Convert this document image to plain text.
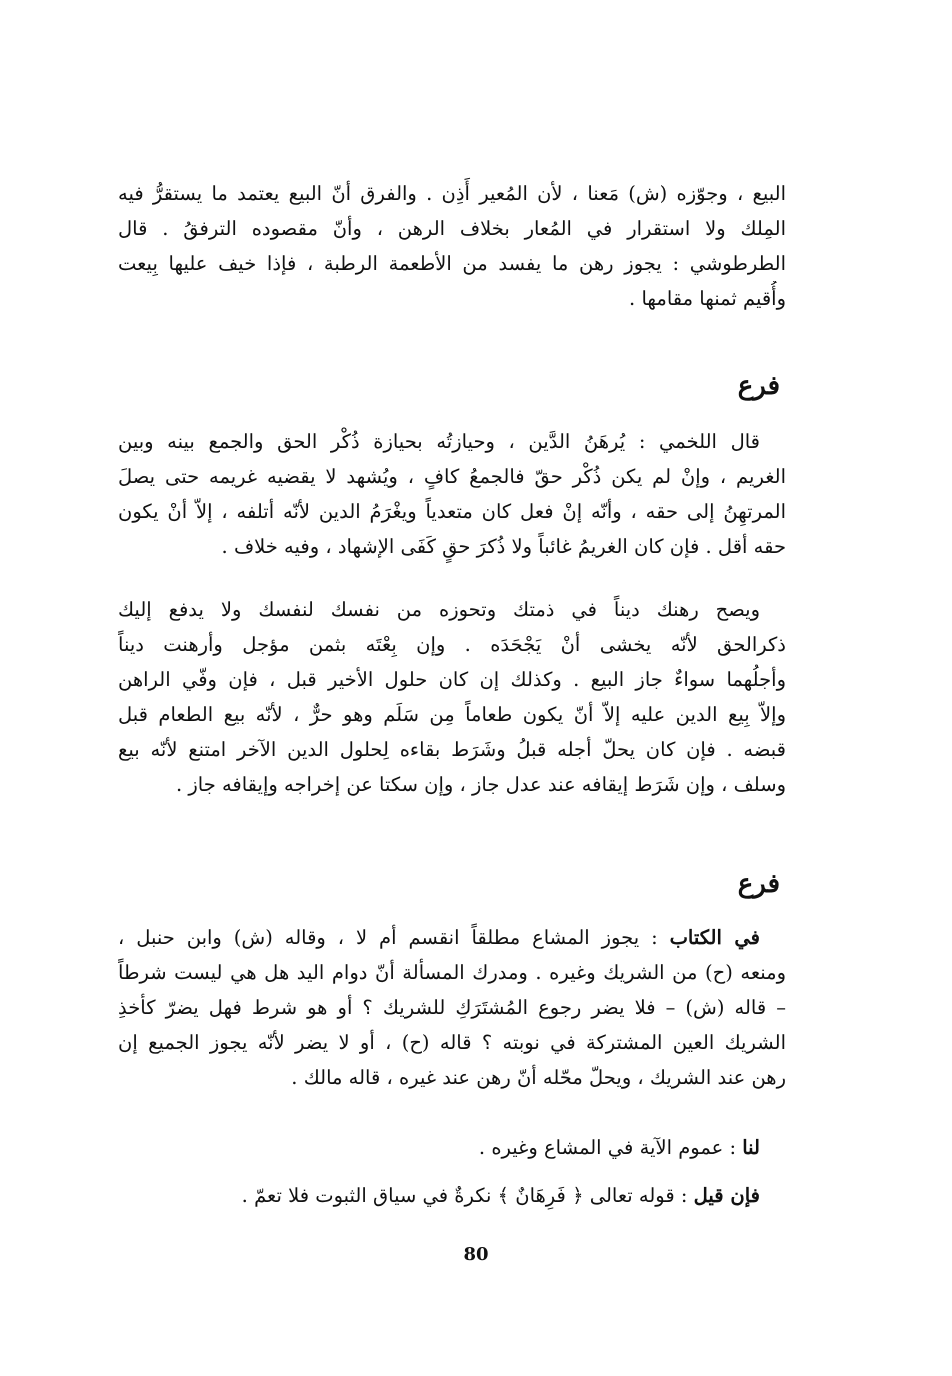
البيع ، وجوّزه (ش) مَعنا ، لأن المُعير أَذِن . والفرق أنّ البيع يعتمد ما يستقرُّ فيه
المِلك ولا استقرار في المُعار بخلاف الرهن ، وأنّ مقصوده الترفقُ . قال
الطرطوشي : يجوز رهن ما يفسد من الأطعمة الرطبة ، فإذا خيف عليها بِيعت
وأُقيم ثمنها مقامها .
فرع
قال اللخمي : يُرهَنُ الدَّين ، وحيازتُه بحيازة ذُكْر الحق والجمع بينه وبين
الغريم ، وإنْ لم يكن ذُكْر حقّ فالجمعُ كافٍ ، ويُشهد لا يقضيه غريمه حتى يصلَ
المرتهِنُ إلى حقه ، وأنّه إنْ فعل كان متعدياً ويغْرَمُ الدين لأنّه أتلفه ، إلاّ أنْ يكون
حقه أقل . فإن كان الغريمُ غائباً ولا ذُكرَ حقٍ كَفَى الإشهاد ، وفيه خلاف .
ويصح رهنك ديناً في ذمتك وتحوزه من نفسك لنفسك ولا يدفع إليك
ذكرالحق لأنّه يخشى أنْ يَجْحَدَه . وإن بِعْتَه بثمن مؤجل وأرهنت ديناً
وأجلُهما سواءٌ جاز البيع . وكذلك إن كان حلول الأخير قبل ، فإن وفّي الراهن
وإلاّ بِيع الدين عليه إلاّ أنّ يكون طعاماً مِن سَلَم وهو حرٌّ ، لأنّه بيع الطعام قبل
قبضه . فإن كان يحلّ أجله قبلُ وشَرَط بقاءه لِحلول الدين الآخر امتنع لأنّه بيع
وسلف ، وإن شَرَط إيقافه عند عدل جاز ، وإن سكتا عن إخراجه وإيقافه جاز .
فرع
في الكتاب : يجوز المشاع مطلقاً انقسم أم لا ، وقاله (ش) وابن حنبل ،
ومنعه (ح) من الشريك وغيره . ومدرك المسألة أنّ دوام اليد هل هي ليست شرطاً
– قاله (ش) – فلا يضر رجوع المُشتَرَكِ للشريك ؟ أو هو شرط فهل يضرّ كأخذِ
الشريك العين المشتركة في نوبته ؟ قاله (ح) ، أو لا يضر لأنّه يجوز الجميع إن
رهن عند الشريك ، ويحلّ محّله أنّ رهن عند غيره ، قاله مالك .
لنا : عموم الآية في المشاع وغيره .
فإن قيل : قوله تعالى ﴿ فَرِهَانٌ ﴾ نكرةٌ في سياق الثبوت فلا تعمّ .
80
